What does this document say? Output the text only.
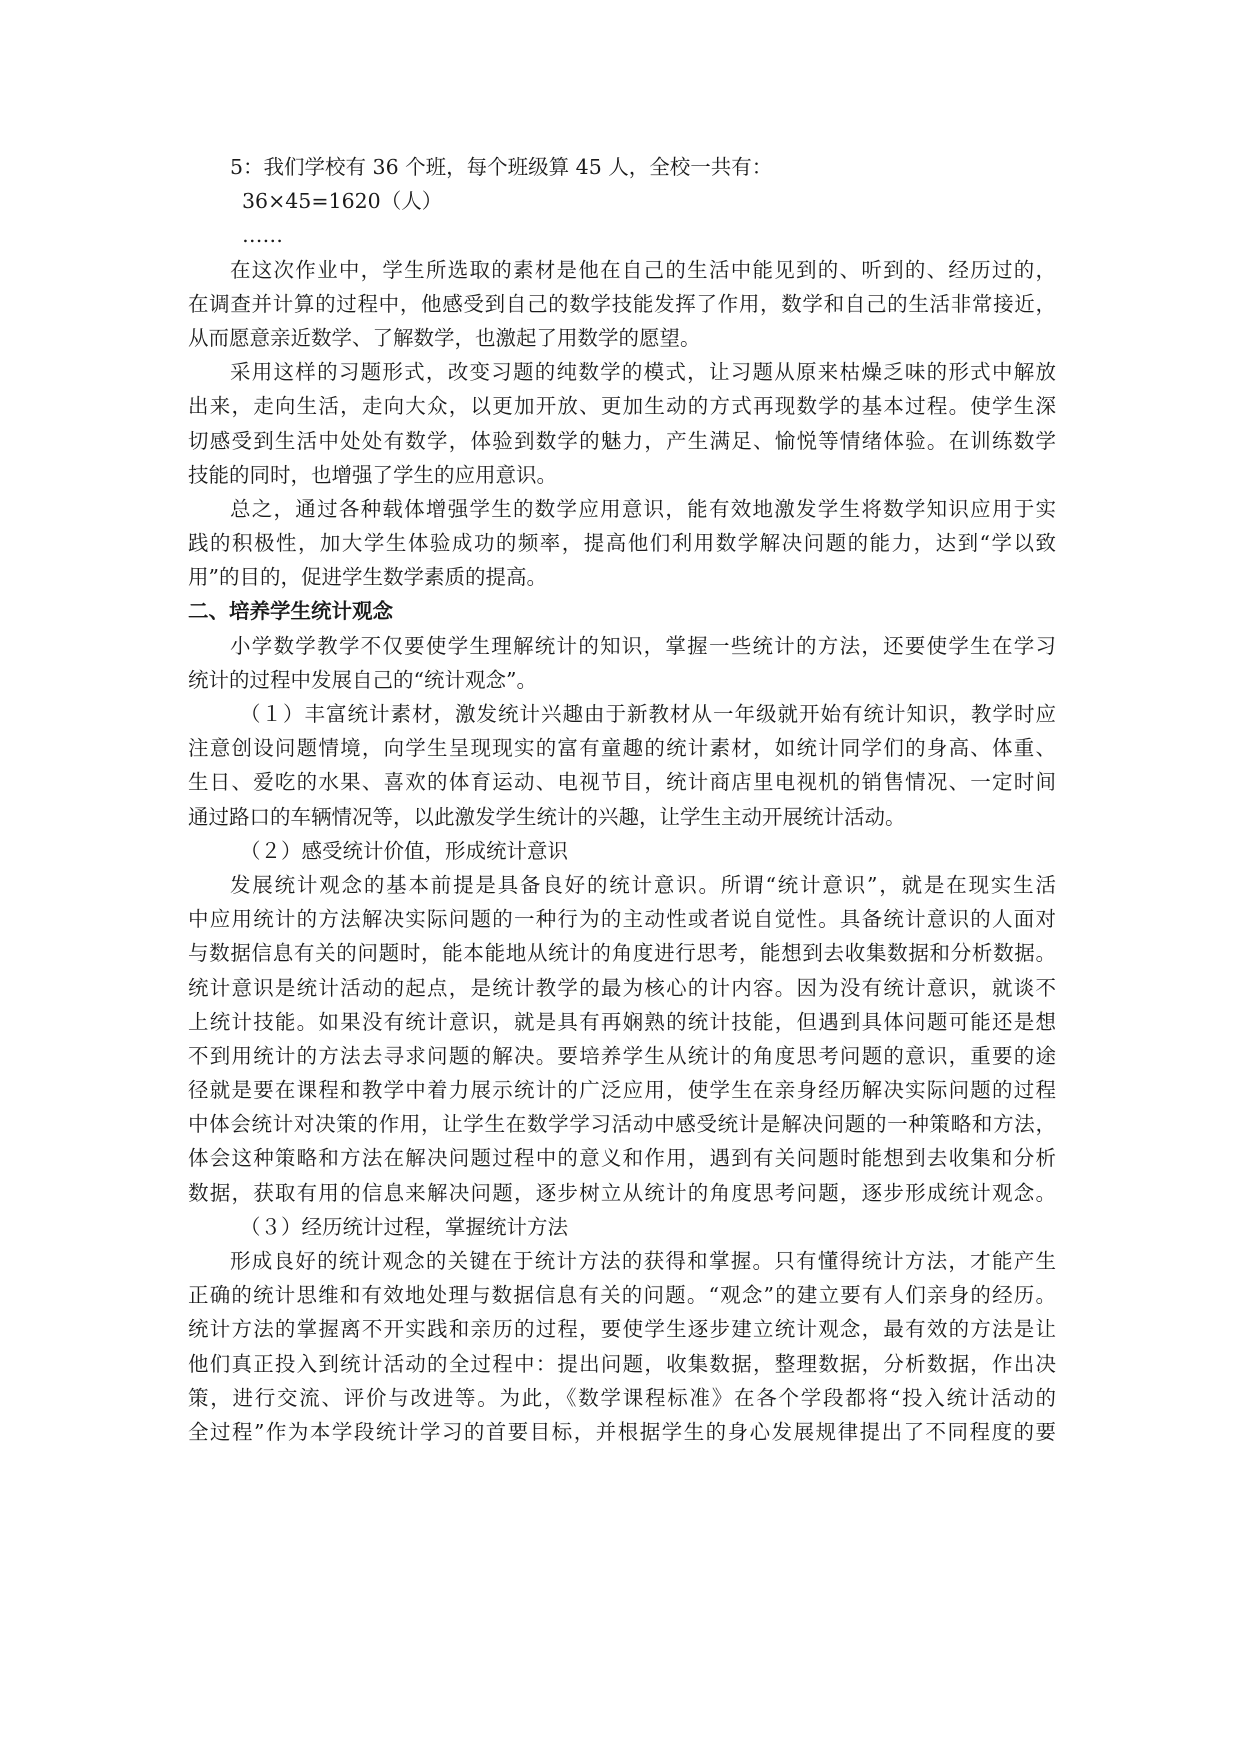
5：我们学校有 36 个班，每个班级算 45 人，全校一共有：
36×45=1620（人）
……
在这次作业中，学生所选取的素材是他在自己的生活中能见到的、听到的、经历过的，
在调查并计算的过程中，他感受到自己的数学技能发挥了作用，数学和自己的生活非常接近，
从而愿意亲近数学、了解数学，也激起了用数学的愿望。
采用这样的习题形式，改变习题的纯数学的模式，让习题从原来枯燥乏味的形式中解放
出来，走向生活，走向大众，以更加开放、更加生动的方式再现数学的基本过程。使学生深
切感受到生活中处处有数学，体验到数学的魅力，产生满足、愉悦等情绪体验。在训练数学
技能的同时，也增强了学生的应用意识。
总之，通过各种载体增强学生的数学应用意识，能有效地激发学生将数学知识应用于实
践的积极性，加大学生体验成功的频率，提高他们利用数学解决问题的能力，达到“学以致
用”的目的，促进学生数学素质的提高。
二、培养学生统计观念
小学数学教学不仅要使学生理解统计的知识，掌握一些统计的方法，还要使学生在学习
统计的过程中发展自己的“统计观念”。
（１）丰富统计素材，激发统计兴趣由于新教材从一年级就开始有统计知识，教学时应
注意创设问题情境，向学生呈现现实的富有童趣的统计素材，如统计同学们的身高、体重、
生日、爱吃的水果、喜欢的体育运动、电视节目，统计商店里电视机的销售情况、一定时间
通过路口的车辆情况等，以此激发学生统计的兴趣，让学生主动开展统计活动。
（２）感受统计价值，形成统计意识
发展统计观念的基本前提是具备良好的统计意识。所谓“统计意识”，就是在现实生活
中应用统计的方法解决实际问题的一种行为的主动性或者说自觉性。具备统计意识的人面对
与数据信息有关的问题时，能本能地从统计的角度进行思考，能想到去收集数据和分析数据。
统计意识是统计活动的起点，是统计教学的最为核心的计内容。因为没有统计意识，就谈不
上统计技能。如果没有统计意识，就是具有再娴熟的统计技能，但遇到具体问题可能还是想
不到用统计的方法去寻求问题的解决。要培养学生从统计的角度思考问题的意识，重要的途
径就是要在课程和教学中着力展示统计的广泛应用，使学生在亲身经历解决实际问题的过程
中体会统计对决策的作用，让学生在数学学习活动中感受统计是解决问题的一种策略和方法，
体会这种策略和方法在解决问题过程中的意义和作用，遇到有关问题时能想到去收集和分析
数据，获取有用的信息来解决问题，逐步树立从统计的角度思考问题，逐步形成统计观念。
（３）经历统计过程，掌握统计方法
形成良好的统计观念的关键在于统计方法的获得和掌握。只有懂得统计方法，才能产生
正确的统计思维和有效地处理与数据信息有关的问题。“观念”的建立要有人们亲身的经历。
统计方法的掌握离不开实践和亲历的过程，要使学生逐步建立统计观念，最有效的方法是让
他们真正投入到统计活动的全过程中：提出问题，收集数据，整理数据，分析数据，作出决
策，进行交流、评价与改进等。为此，《数学课程标准》在各个学段都将“投入统计活动的
全过程”作为本学段统计学习的首要目标，并根据学生的身心发展规律提出了不同程度的要
